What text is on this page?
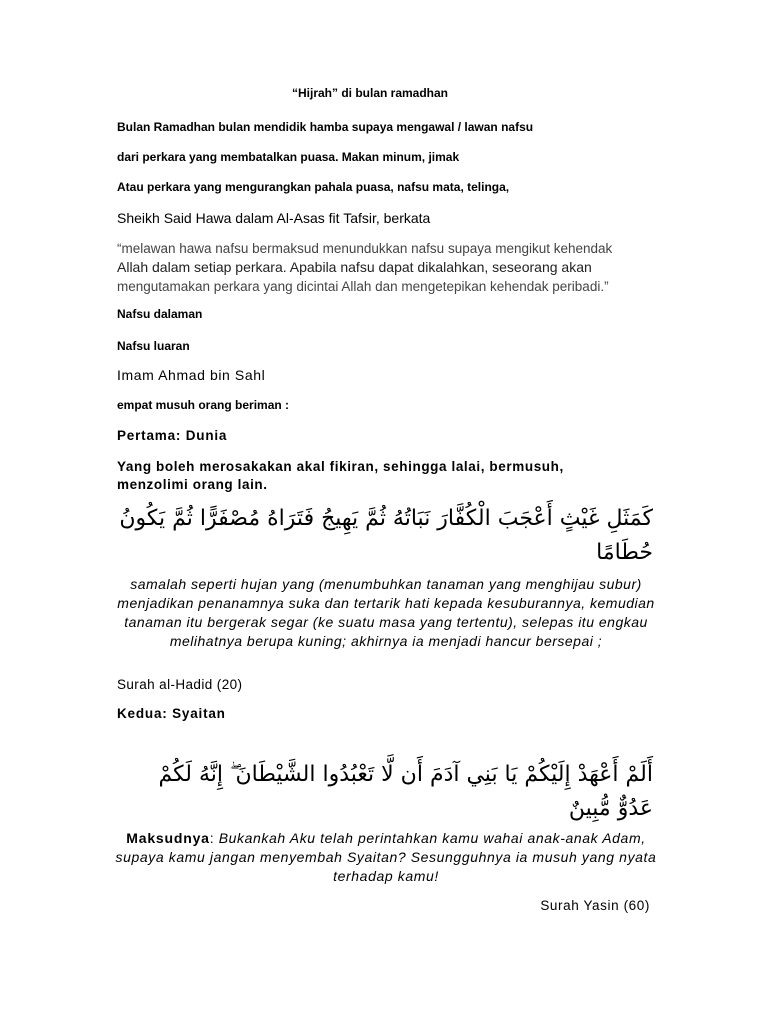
“Hijrah” di bulan ramadhan
Bulan Ramadhan bulan mendidik hamba supaya mengawal / lawan nafsu
dari perkara yang membatalkan puasa. Makan minum, jimak
Atau perkara yang mengurangkan pahala puasa, nafsu mata, telinga,
Sheikh Said Hawa dalam Al-Asas fit Tafsir, berkata
“melawan hawa nafsu bermaksud menundukkan nafsu supaya mengikut kehendak
Allah dalam setiap perkara. Apabila nafsu dapat dikalahkan, seseorang akan
mengutamakan perkara yang dicintai Allah dan mengetepikan kehendak peribadi.”
Nafsu dalaman
Nafsu luaran
Imam Ahmad bin Sahl
empat musuh orang beriman :
Pertama: Dunia
Yang boleh merosakakan akal fikiran, sehingga lalai, bermusuh, menzolimi orang lain.
كَمَثَلِ غَيْثٍ أَعْجَبَ الْكُفَّارَ نَبَاتُهُ ثُمَّ يَهِيجُ فَتَرَاهُ مُصْفَرًّا ثُمَّ يَكُونُ حُطَامًا
samalah seperti hujan yang (menumbuhkan tanaman yang menghijau subur) menjadikan penanamnya suka dan tertarik hati kepada kesuburannya, kemudian tanaman itu bergerak segar (ke suatu masa yang tertentu), selepas itu engkau melihatnya berupa kuning; akhirnya ia menjadi hancur bersepai ;
Surah al-Hadid (20)
Kedua: Syaitan
أَلَمْ أَعْهَدْ إِلَيْكُمْ يَا بَنِي آدَمَ أَن لَّا تَعْبُدُوا الشَّيْطَانَ ۖ إِنَّهُ لَكُمْ عَدُوٌّ مُّبِينٌ
Maksudnya: Bukankah Aku telah perintahkan kamu wahai anak-anak Adam, supaya kamu jangan menyembah Syaitan? Sesungguhnya ia musuh yang nyata terhadap kamu!
Surah Yasin (60)
